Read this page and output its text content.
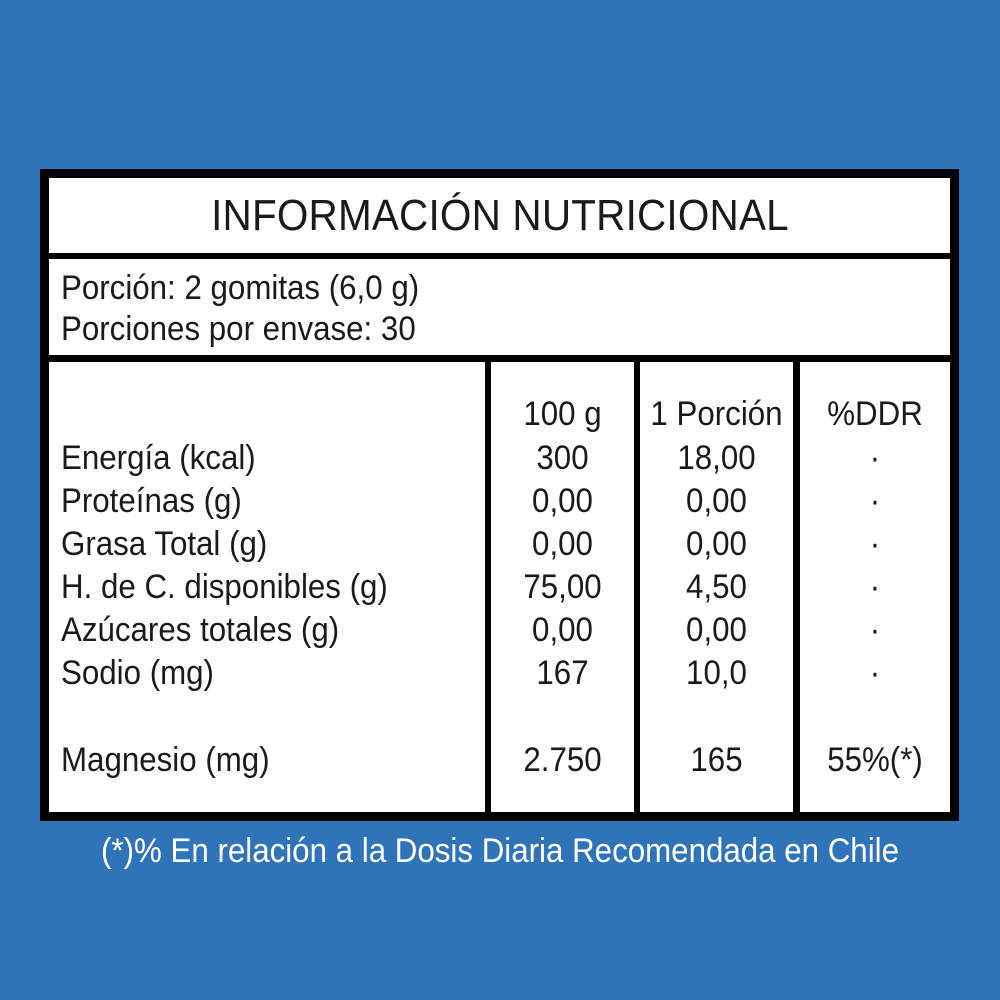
INFORMACIÓN NUTRICIONAL
Porción: 2 gomitas (6,0 g)
Porciones por envase: 30
Energía (kcal)
Proteínas (g)
Grasa Total (g)
H. de C. disponibles (g)
Azúcares totales (g)
Sodio (mg)
Magnesio (mg)
100 g
300
0,00
0,00
75,00
0,00
167
2.750
1 Porción
18,00
0,00
0,00
4,50
0,00
10,0
165
%DDR
·
·
·
·
·
·
55%(*)
(*)% En relación a la Dosis Diaria Recomendada en Chile
